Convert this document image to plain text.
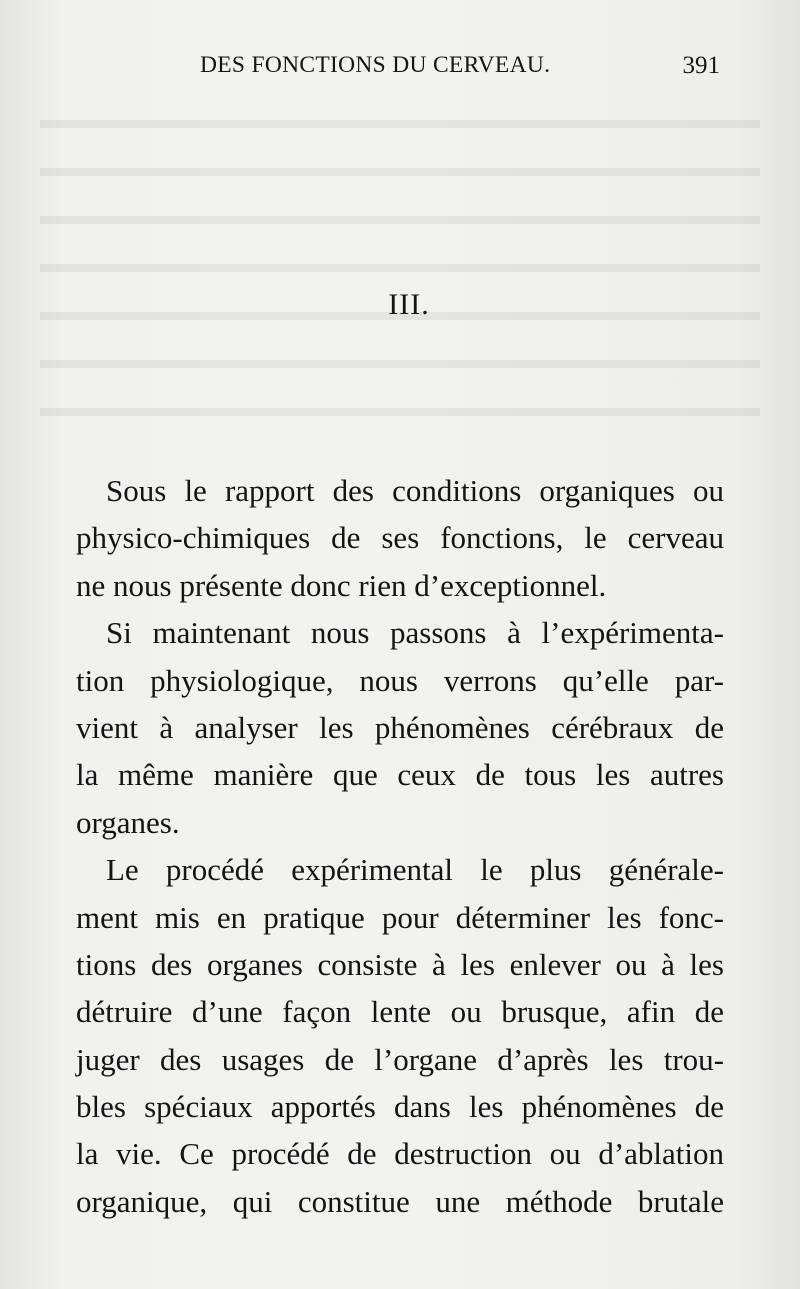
DES FONCTIONS DU CERVEAU.	391
III.
Sous le rapport des conditions organiques ou
physico-chimiques de ses fonctions, le cerveau
ne nous présente donc rien d’exceptionnel.
Si maintenant nous passons à l’expérimenta-
tion physiologique, nous verrons qu’elle par-
vient à analyser les phénomènes cérébraux de
la même manière que ceux de tous les autres
organes.
Le procédé expérimental le plus générale-
ment mis en pratique pour déterminer les fonc-
tions des organes consiste à les enlever ou à les
détruire d’une façon lente ou brusque, afin de
juger des usages de l’organe d’après les trou-
bles spéciaux apportés dans les phénomènes de
la vie. Ce procédé de destruction ou d’ablation
organique, qui constitue une méthode brutale
